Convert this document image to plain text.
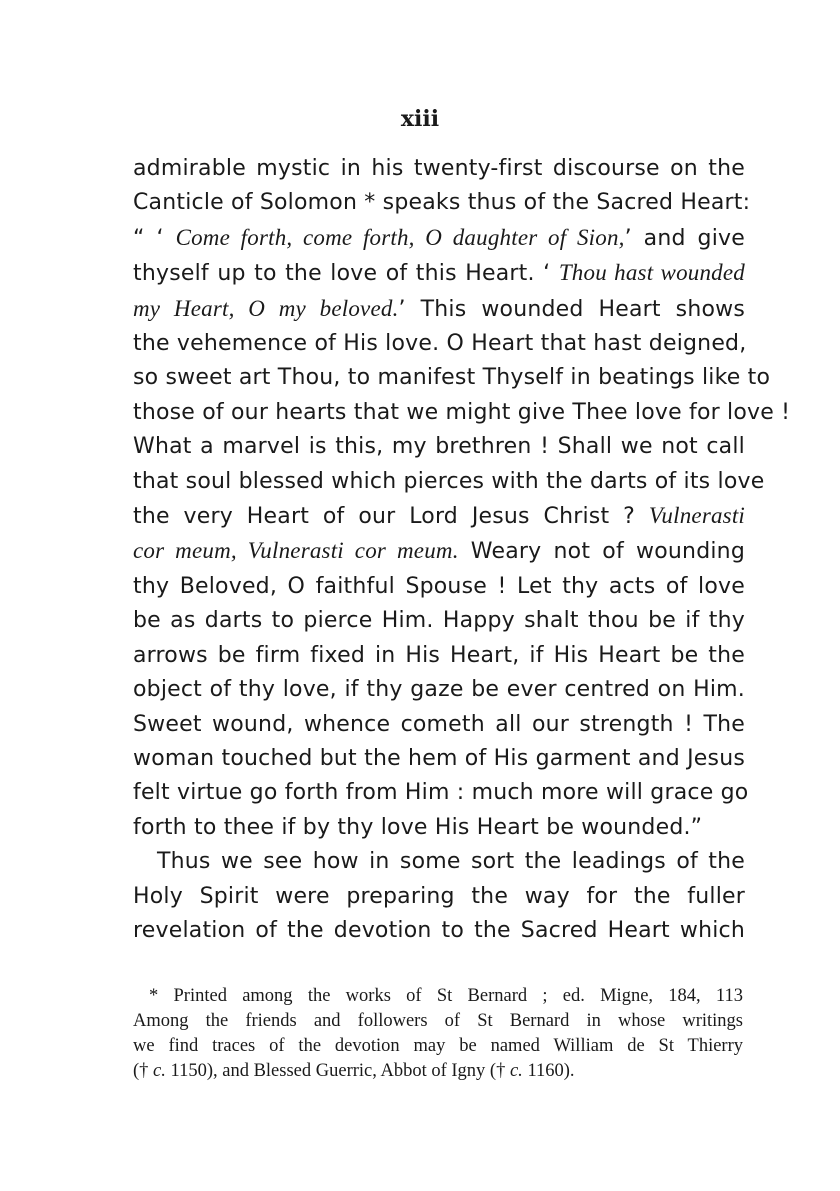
xiii
admirable mystic in his twenty-first discourse on the
Canticle of Solomon * speaks thus of the Sacred Heart:
“ ‘ Come forth, come forth, O daughter of Sion,’ and give
thyself up to the love of this Heart. ‘ Thou hast wounded
my Heart, O my beloved.’ This wounded Heart shows
the vehemence of His love. O Heart that hast deigned,
so sweet art Thou, to manifest Thyself in beatings like to
those of our hearts that we might give Thee love for love !
What a marvel is this, my brethren ! Shall we not call
that soul blessed which pierces with the darts of its love
the very Heart of our Lord Jesus Christ ? Vulnerasti
cor meum, Vulnerasti cor meum. Weary not of wounding
thy Beloved, O faithful Spouse ! Let thy acts of love
be as darts to pierce Him. Happy shalt thou be if thy
arrows be firm fixed in His Heart, if His Heart be the
object of thy love, if thy gaze be ever centred on Him.
Sweet wound, whence cometh all our strength ! The
woman touched but the hem of His garment and Jesus
felt virtue go forth from Him : much more will grace go
forth to thee if by thy love His Heart be wounded.”
Thus we see how in some sort the leadings of the
Holy Spirit were preparing the way for the fuller
revelation of the devotion to the Sacred Heart which
* Printed among the works of St Bernard ; ed. Migne, 184, 113
Among the friends and followers of St Bernard in whose writings
we find traces of the devotion may be named William de St Thierry
(† c. 1150), and Blessed Guerric, Abbot of Igny († c. 1160).
